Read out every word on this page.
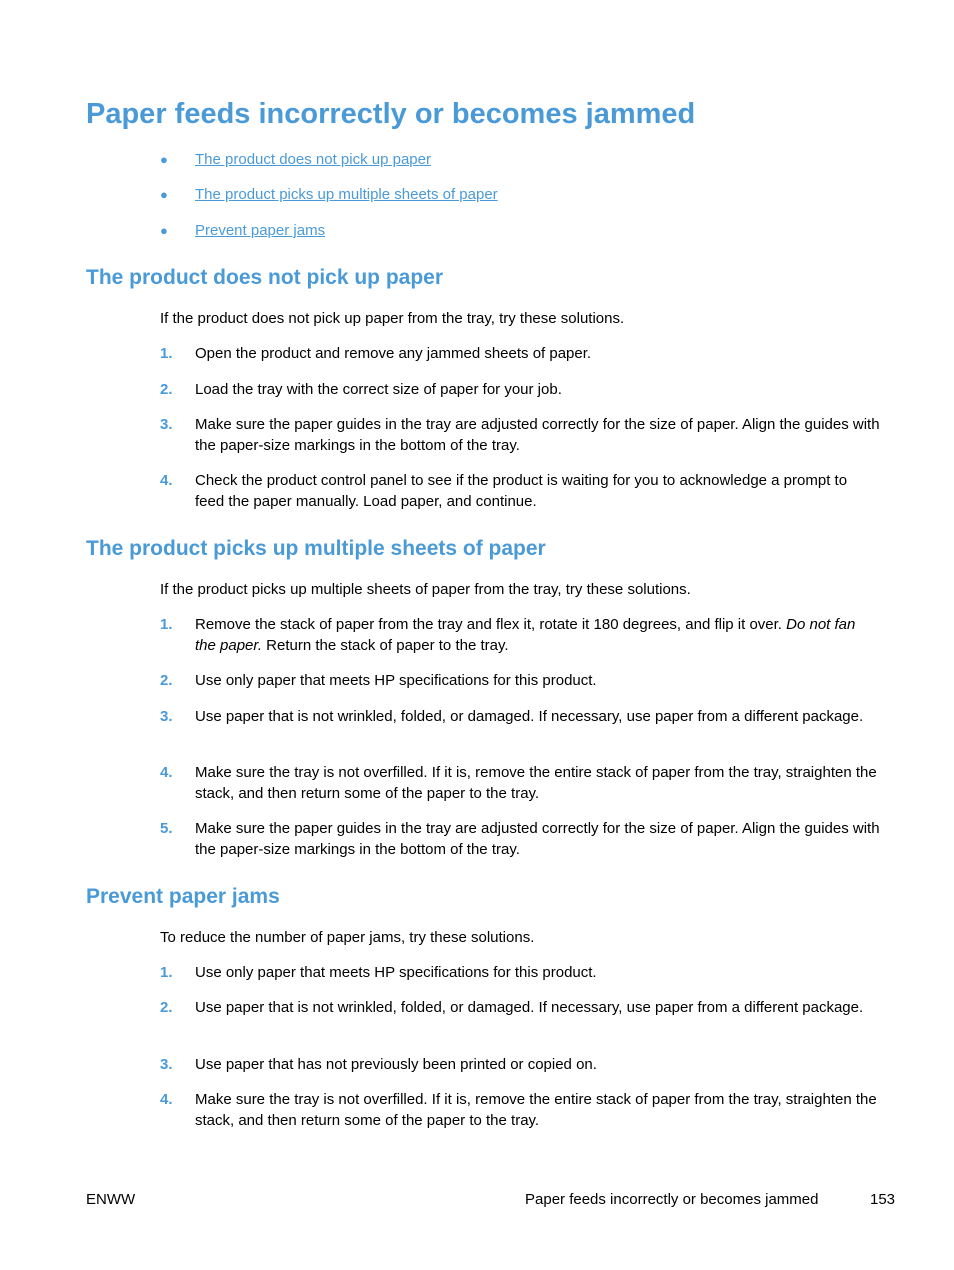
Paper feeds incorrectly or becomes jammed
● The product does not pick up paper
● The product picks up multiple sheets of paper
● Prevent paper jams
The product does not pick up paper

If the product does not pick up paper from the tray, try these solutions.

1. Open the product and remove any jammed sheets of paper.
2. Load the tray with the correct size of paper for your job.
3. Make sure the paper guides in the tray are adjusted correctly for the size of paper. Align the guides with the paper-size markings in the bottom of the tray.
4. Check the product control panel to see if the product is waiting for you to acknowledge a prompt to feed the paper manually. Load paper, and continue.
The product picks up multiple sheets of paper

If the product picks up multiple sheets of paper from the tray, try these solutions.

1. Remove the stack of paper from the tray and flex it, rotate it 180 degrees, and flip it over. Do not fan the paper. Return the stack of paper to the tray.
2. Use only paper that meets HP specifications for this product.
3. Use paper that is not wrinkled, folded, or damaged. If necessary, use paper from a different package.
4. Make sure the tray is not overfilled. If it is, remove the entire stack of paper from the tray, straighten the stack, and then return some of the paper to the tray.
5. Make sure the paper guides in the tray are adjusted correctly for the size of paper. Align the guides with the paper-size markings in the bottom of the tray.
Prevent paper jams

To reduce the number of paper jams, try these solutions.

1. Use only paper that meets HP specifications for this product.
2. Use paper that is not wrinkled, folded, or damaged. If necessary, use paper from a different package.
3. Use paper that has not previously been printed or copied on.
4. Make sure the tray is not overfilled. If it is, remove the entire stack of paper from the tray, straighten the stack, and then return some of the paper to the tray.
ENWW	Paper feeds incorrectly or becomes jammed	153
